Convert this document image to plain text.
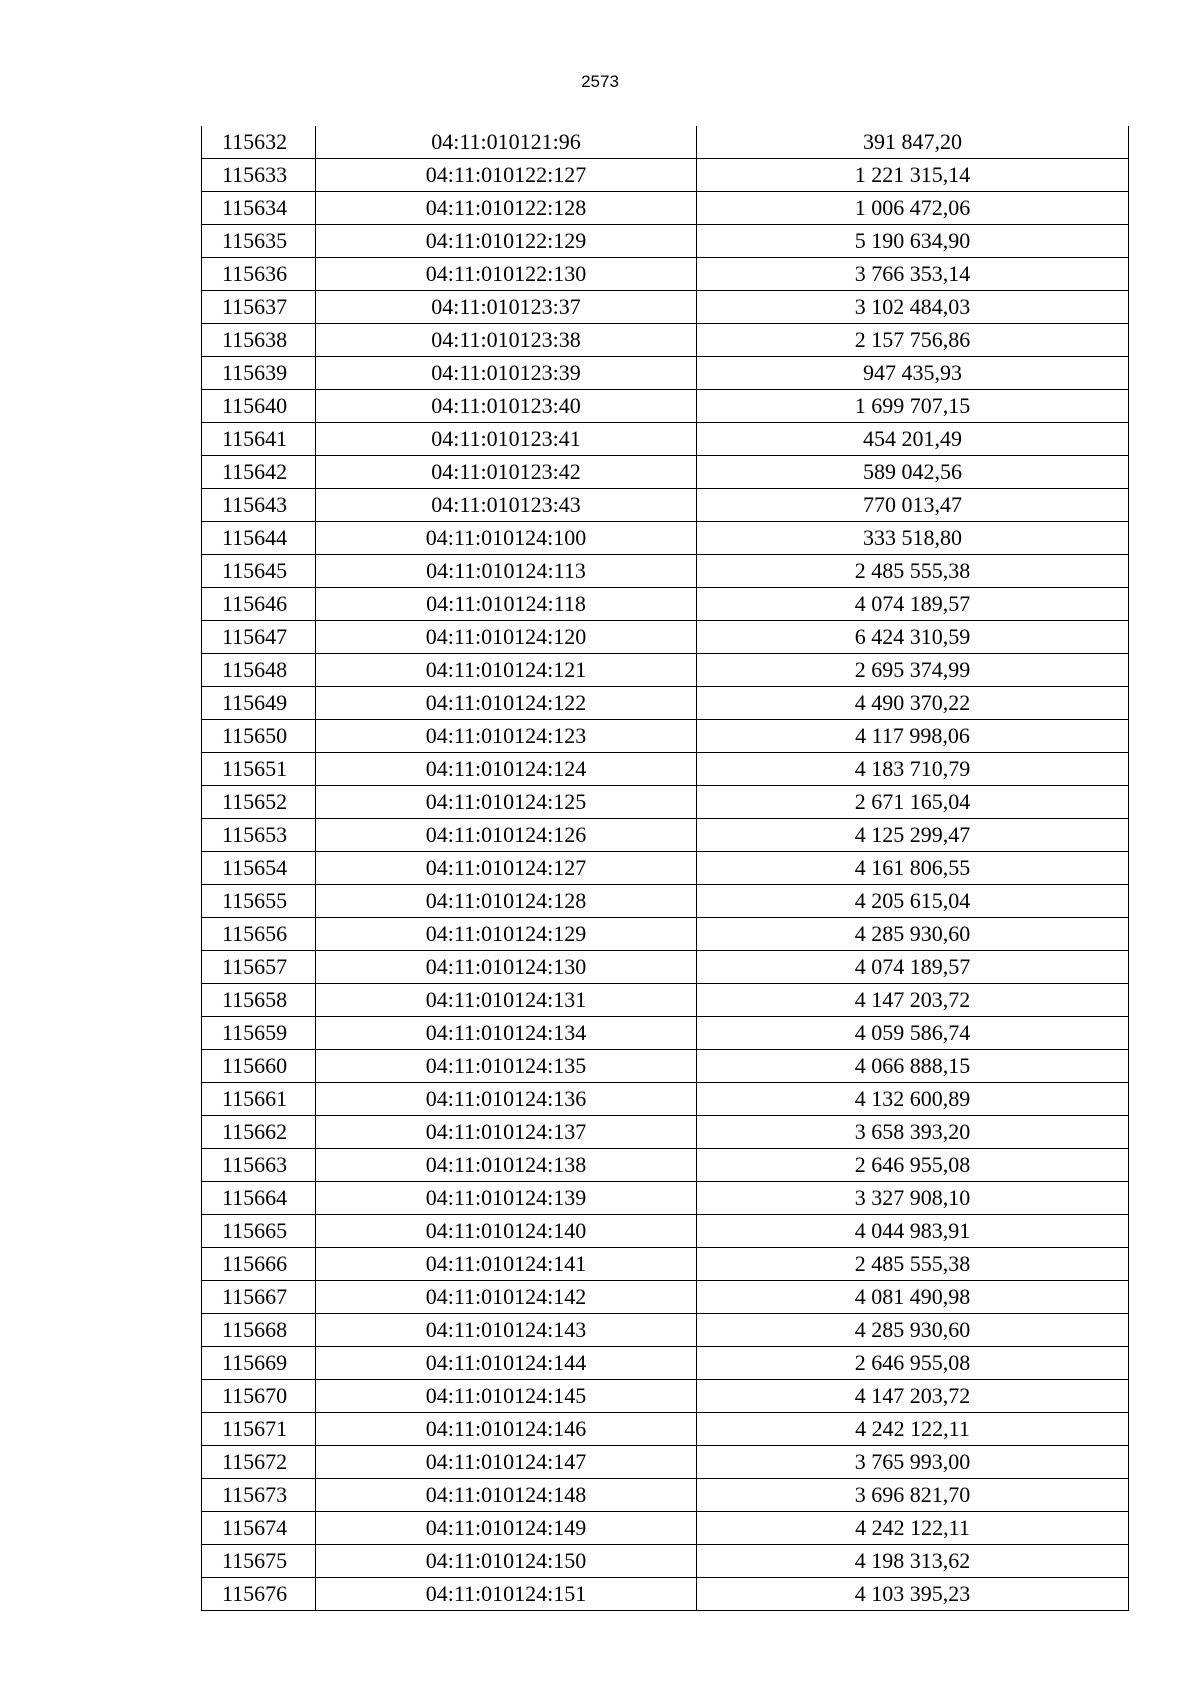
2573
115632	04:11:010121:96	391 847,20
115633	04:11:010122:127	1 221 315,14
115634	04:11:010122:128	1 006 472,06
115635	04:11:010122:129	5 190 634,90
115636	04:11:010122:130	3 766 353,14
115637	04:11:010123:37	3 102 484,03
115638	04:11:010123:38	2 157 756,86
115639	04:11:010123:39	947 435,93
115640	04:11:010123:40	1 699 707,15
115641	04:11:010123:41	454 201,49
115642	04:11:010123:42	589 042,56
115643	04:11:010123:43	770 013,47
115644	04:11:010124:100	333 518,80
115645	04:11:010124:113	2 485 555,38
115646	04:11:010124:118	4 074 189,57
115647	04:11:010124:120	6 424 310,59
115648	04:11:010124:121	2 695 374,99
115649	04:11:010124:122	4 490 370,22
115650	04:11:010124:123	4 117 998,06
115651	04:11:010124:124	4 183 710,79
115652	04:11:010124:125	2 671 165,04
115653	04:11:010124:126	4 125 299,47
115654	04:11:010124:127	4 161 806,55
115655	04:11:010124:128	4 205 615,04
115656	04:11:010124:129	4 285 930,60
115657	04:11:010124:130	4 074 189,57
115658	04:11:010124:131	4 147 203,72
115659	04:11:010124:134	4 059 586,74
115660	04:11:010124:135	4 066 888,15
115661	04:11:010124:136	4 132 600,89
115662	04:11:010124:137	3 658 393,20
115663	04:11:010124:138	2 646 955,08
115664	04:11:010124:139	3 327 908,10
115665	04:11:010124:140	4 044 983,91
115666	04:11:010124:141	2 485 555,38
115667	04:11:010124:142	4 081 490,98
115668	04:11:010124:143	4 285 930,60
115669	04:11:010124:144	2 646 955,08
115670	04:11:010124:145	4 147 203,72
115671	04:11:010124:146	4 242 122,11
115672	04:11:010124:147	3 765 993,00
115673	04:11:010124:148	3 696 821,70
115674	04:11:010124:149	4 242 122,11
115675	04:11:010124:150	4 198 313,62
115676	04:11:010124:151	4 103 395,23
